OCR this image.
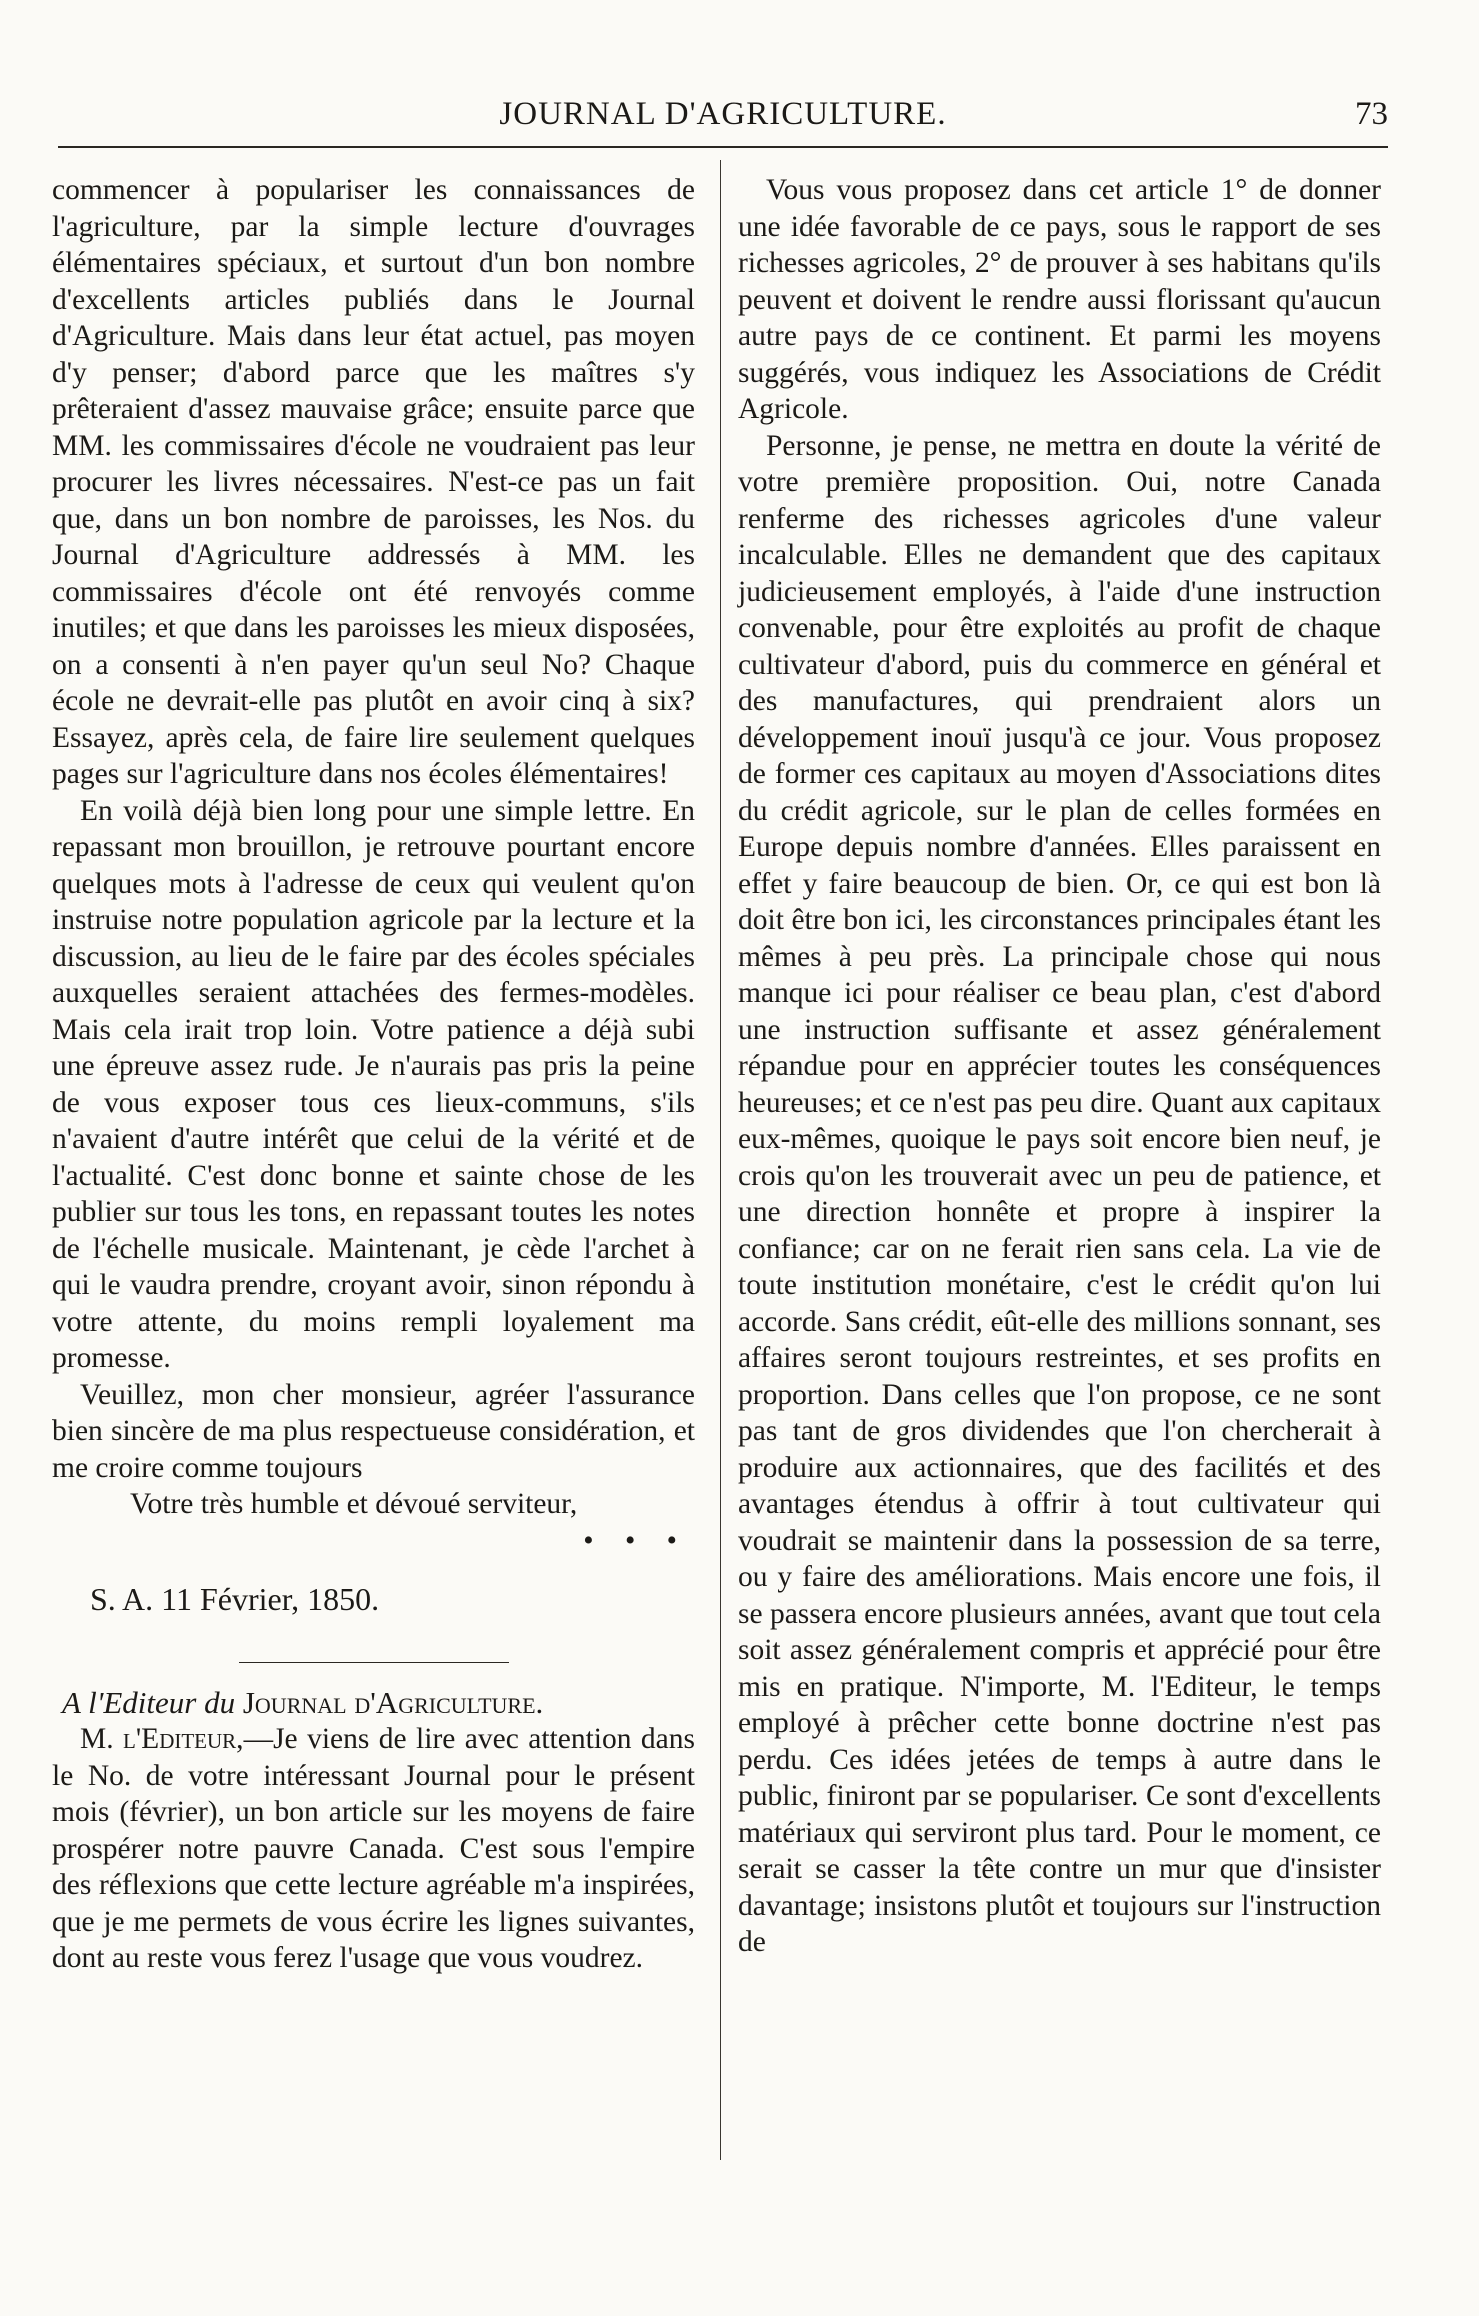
JOURNAL D'AGRICULTURE.	73

commencer à populariser les connaissances de l'agriculture, par la simple lecture d'ouvrages élémentaires spéciaux, et surtout d'un bon nombre d'excellents articles publiés dans le Journal d'Agriculture. Mais dans leur état actuel, pas moyen d'y penser; d'abord parce que les maîtres s'y prêteraient d'assez mauvaise grâce; ensuite parce que MM. les commissaires d'école ne voudraient pas leur procurer les livres nécessaires. N'est-ce pas un fait que, dans un bon nombre de paroisses, les Nos. du Journal d'Agriculture addressés à MM. les commissaires d'école ont été renvoyés comme inutiles; et que dans les paroisses les mieux disposées, on a consenti à n'en payer qu'un seul No? Chaque école ne devrait-elle pas plutôt en avoir cinq à six? Essayez, après cela, de faire lire seulement quelques pages sur l'agriculture dans nos écoles élémentaires!

En voilà déjà bien long pour une simple lettre. En repassant mon brouillon, je retrouve pourtant encore quelques mots à l'adresse de ceux qui veulent qu'on instruise notre population agricole par la lecture et la discussion, au lieu de le faire par des écoles spéciales auxquelles seraient attachées des fermes-modèles. Mais cela irait trop loin. Votre patience a déjà subi une épreuve assez rude. Je n'aurais pas pris la peine de vous exposer tous ces lieux-communs, s'ils n'avaient d'autre intérêt que celui de la vérité et de l'actualité. C'est donc bonne et sainte chose de les publier sur tous les tons, en repassant toutes les notes de l'échelle musicale. Maintenant, je cède l'archet à qui le vaudra prendre, croyant avoir, sinon répondu à votre attente, du moins rempli loyalement ma promesse.

Veuillez, mon cher monsieur, agréer l'assurance bien sincère de ma plus respectueuse considération, et me croire comme toujours

Votre très humble et dévoué serviteur,

• • •

S. A. 11 Février, 1850.

A l'Editeur du Journal d'Agriculture.

M. l'Editeur,—Je viens de lire avec attention dans le No. de votre intéressant Journal pour le présent mois (février), un bon article sur les moyens de faire prospérer notre pauvre Canada. C'est sous l'empire des réflexions que cette lecture agréable m'a inspirées, que je me permets de vous écrire les lignes suivantes, dont au reste vous ferez l'usage que vous voudrez.

Vous vous proposez dans cet article 1° de donner une idée favorable de ce pays, sous le rapport de ses richesses agricoles, 2° de prouver à ses habitans qu'ils peuvent et doivent le rendre aussi florissant qu'aucun autre pays de ce continent. Et parmi les moyens suggérés, vous indiquez les Associations de Crédit Agricole.

Personne, je pense, ne mettra en doute la vérité de votre première proposition. Oui, notre Canada renferme des richesses agricoles d'une valeur incalculable. Elles ne demandent que des capitaux judicieusement employés, à l'aide d'une instruction convenable, pour être exploités au profit de chaque cultivateur d'abord, puis du commerce en général et des manufactures, qui prendraient alors un développement inouï jusqu'à ce jour. Vous proposez de former ces capitaux au moyen d'Associations dites du crédit agricole, sur le plan de celles formées en Europe depuis nombre d'années. Elles paraissent en effet y faire beaucoup de bien. Or, ce qui est bon là doit être bon ici, les circonstances principales étant les mêmes à peu près. La principale chose qui nous manque ici pour réaliser ce beau plan, c'est d'abord une instruction suffisante et assez généralement répandue pour en apprécier toutes les conséquences heureuses; et ce n'est pas peu dire. Quant aux capitaux eux-mêmes, quoique le pays soit encore bien neuf, je crois qu'on les trouverait avec un peu de patience, et une direction honnête et propre à inspirer la confiance; car on ne ferait rien sans cela. La vie de toute institution monétaire, c'est le crédit qu'on lui accorde. Sans crédit, eût-elle des millions sonnant, ses affaires seront toujours restreintes, et ses profits en proportion. Dans celles que l'on propose, ce ne sont pas tant de gros dividendes que l'on chercherait à produire aux actionnaires, que des facilités et des avantages étendus à offrir à tout cultivateur qui voudrait se maintenir dans la possession de sa terre, ou y faire des améliorations. Mais encore une fois, il se passera encore plusieurs années, avant que tout cela soit assez généralement compris et apprécié pour être mis en pratique. N'importe, M. l'Editeur, le temps employé à prêcher cette bonne doctrine n'est pas perdu. Ces idées jetées de temps à autre dans le public, finiront par se populariser. Ce sont d'excellents matériaux qui serviront plus tard. Pour le moment, ce serait se casser la tête contre un mur que d'insister davantage; insistons plutôt et toujours sur l'instruction de
